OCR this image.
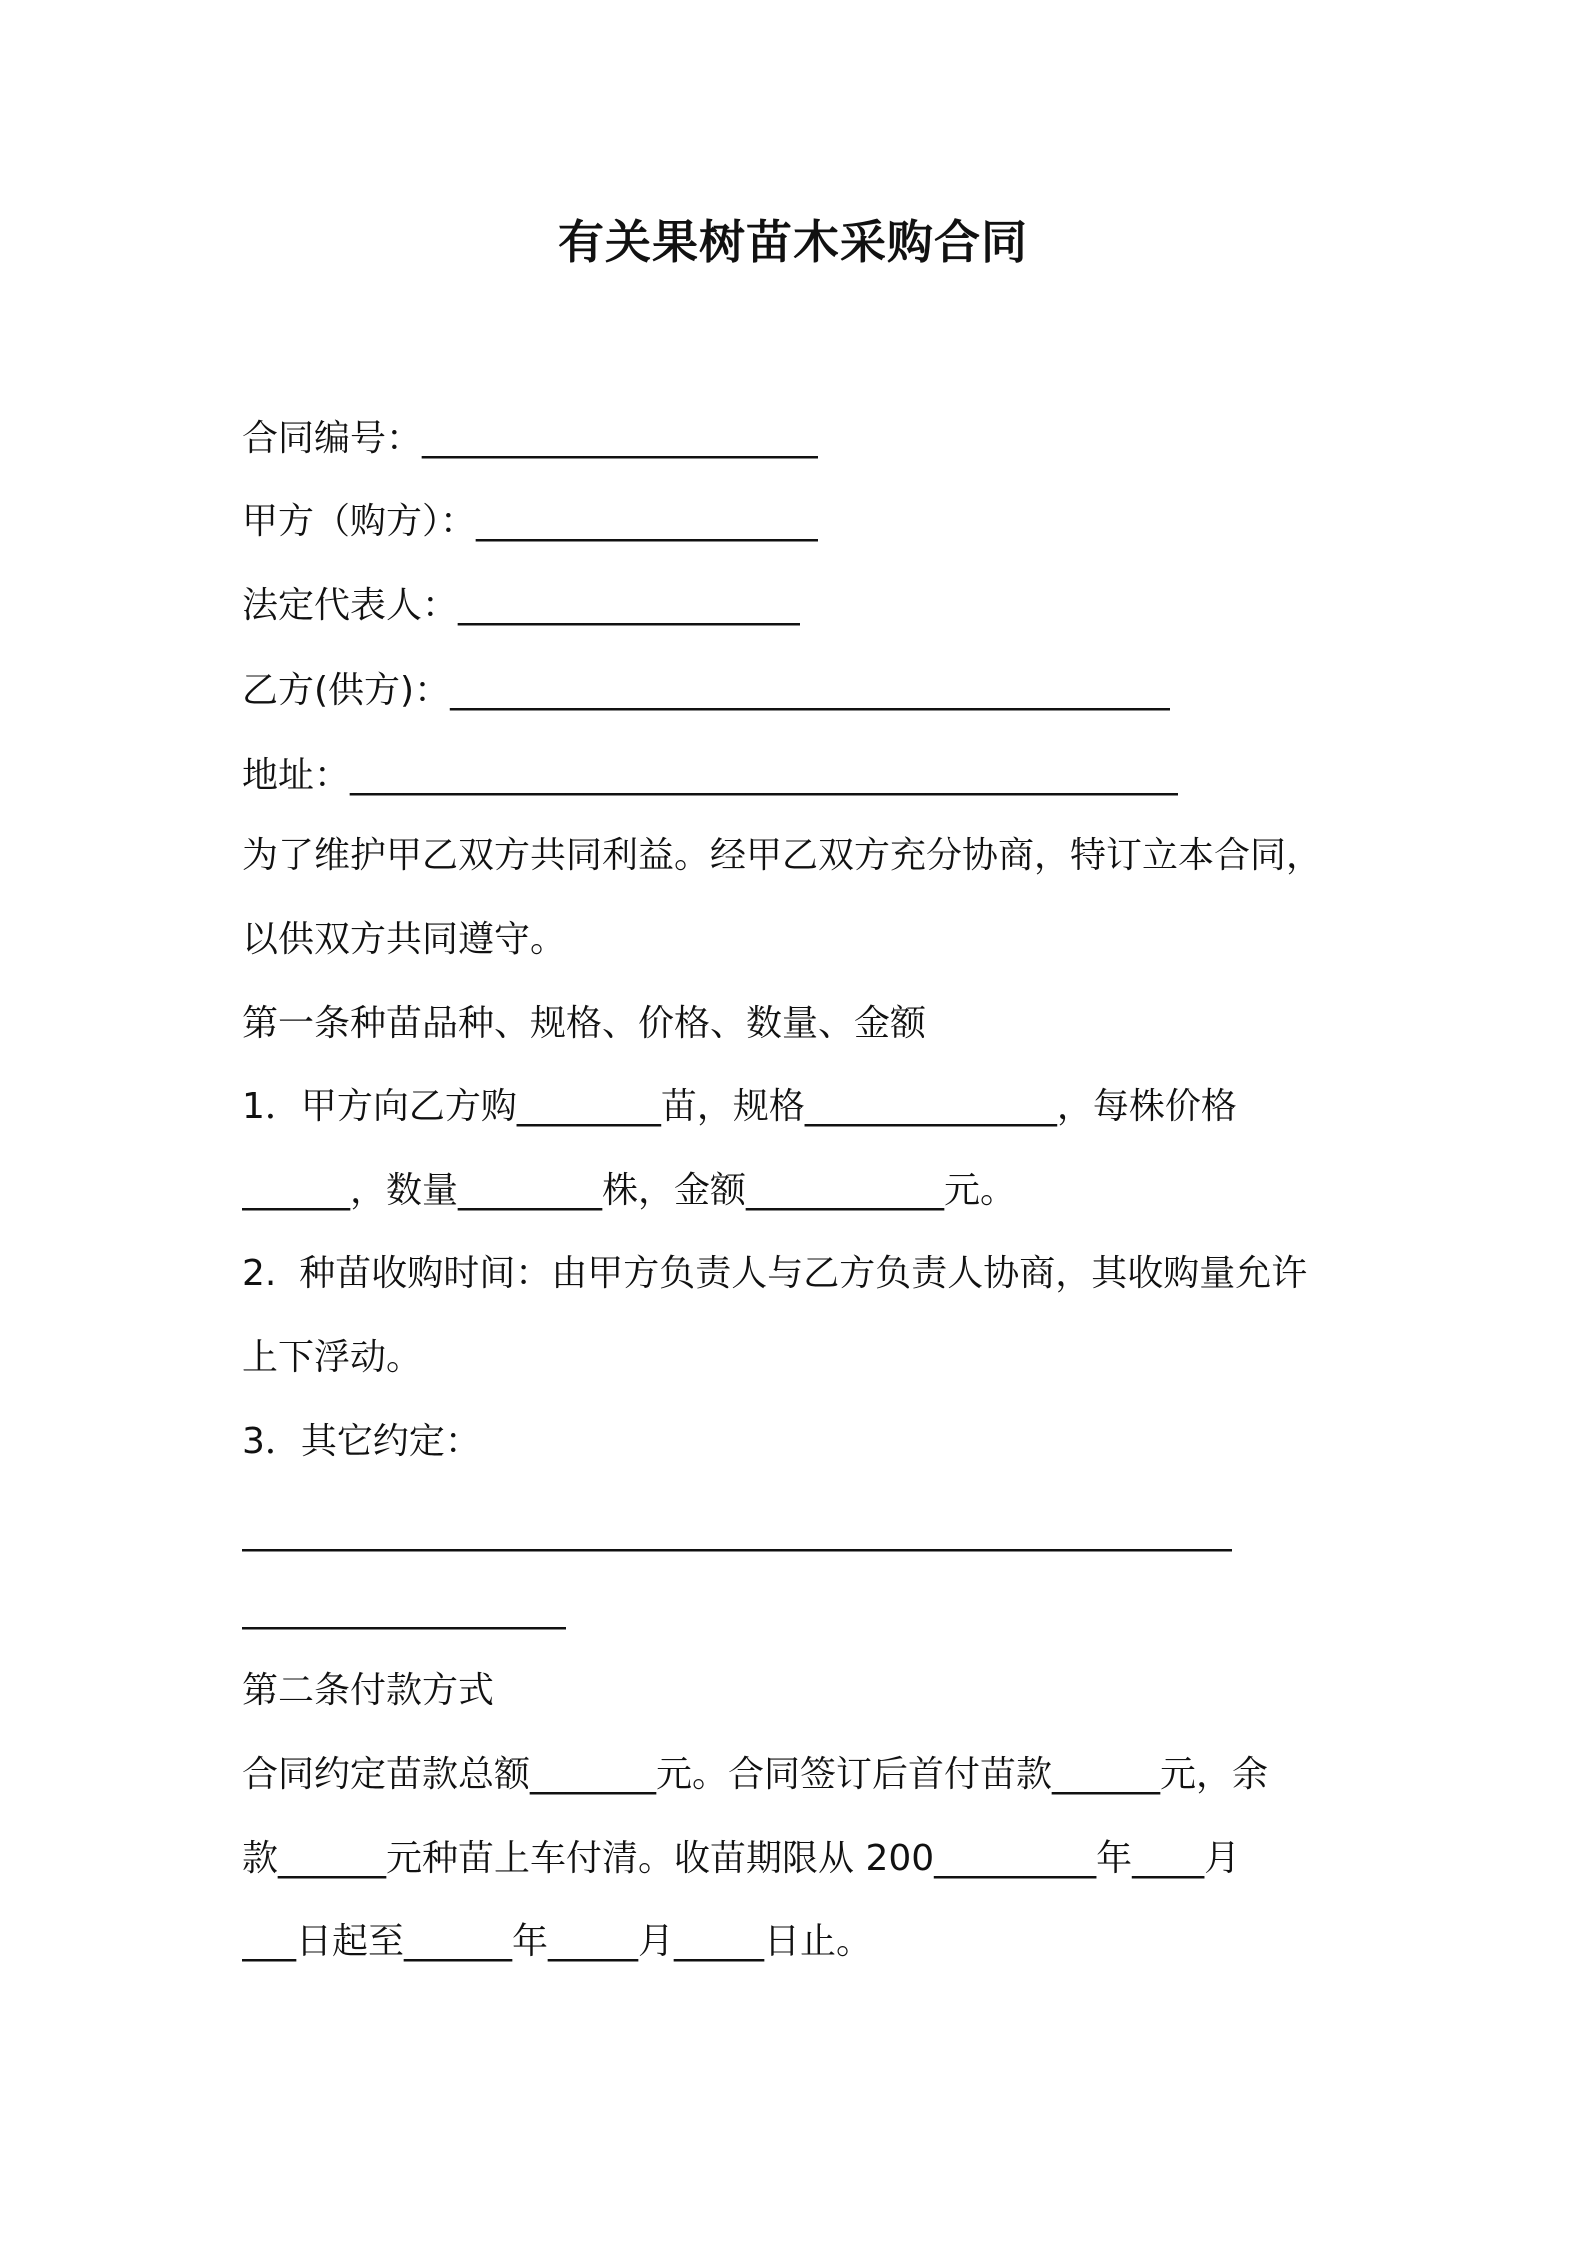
有关果树苗木采购合同
合同编号：______________________
甲方（购方）：___________________
法定代表人：___________________
乙方(供方)：________________________________________
地址：______________________________________________
为了维护甲乙双方共同利益。经甲乙双方充分协商，特订立本合同，
以供双方共同遵守。
第一条种苗品种、规格、价格、数量、金额
1．甲方向乙方购________苗，规格______________，每株价格
______，数量________株，金额___________元。
2.  种苗收购时间：由甲方负责人与乙方负责人协商，其收购量允许
上下浮动。
3．其它约定：
_______________________________________________________
__________________
第二条付款方式
合同约定苗款总额_______元。合同签订后首付苗款______元，余
款______元种苗上车付清。收苗期限从 200_________年____月
___日起至______年_____月_____日止。
